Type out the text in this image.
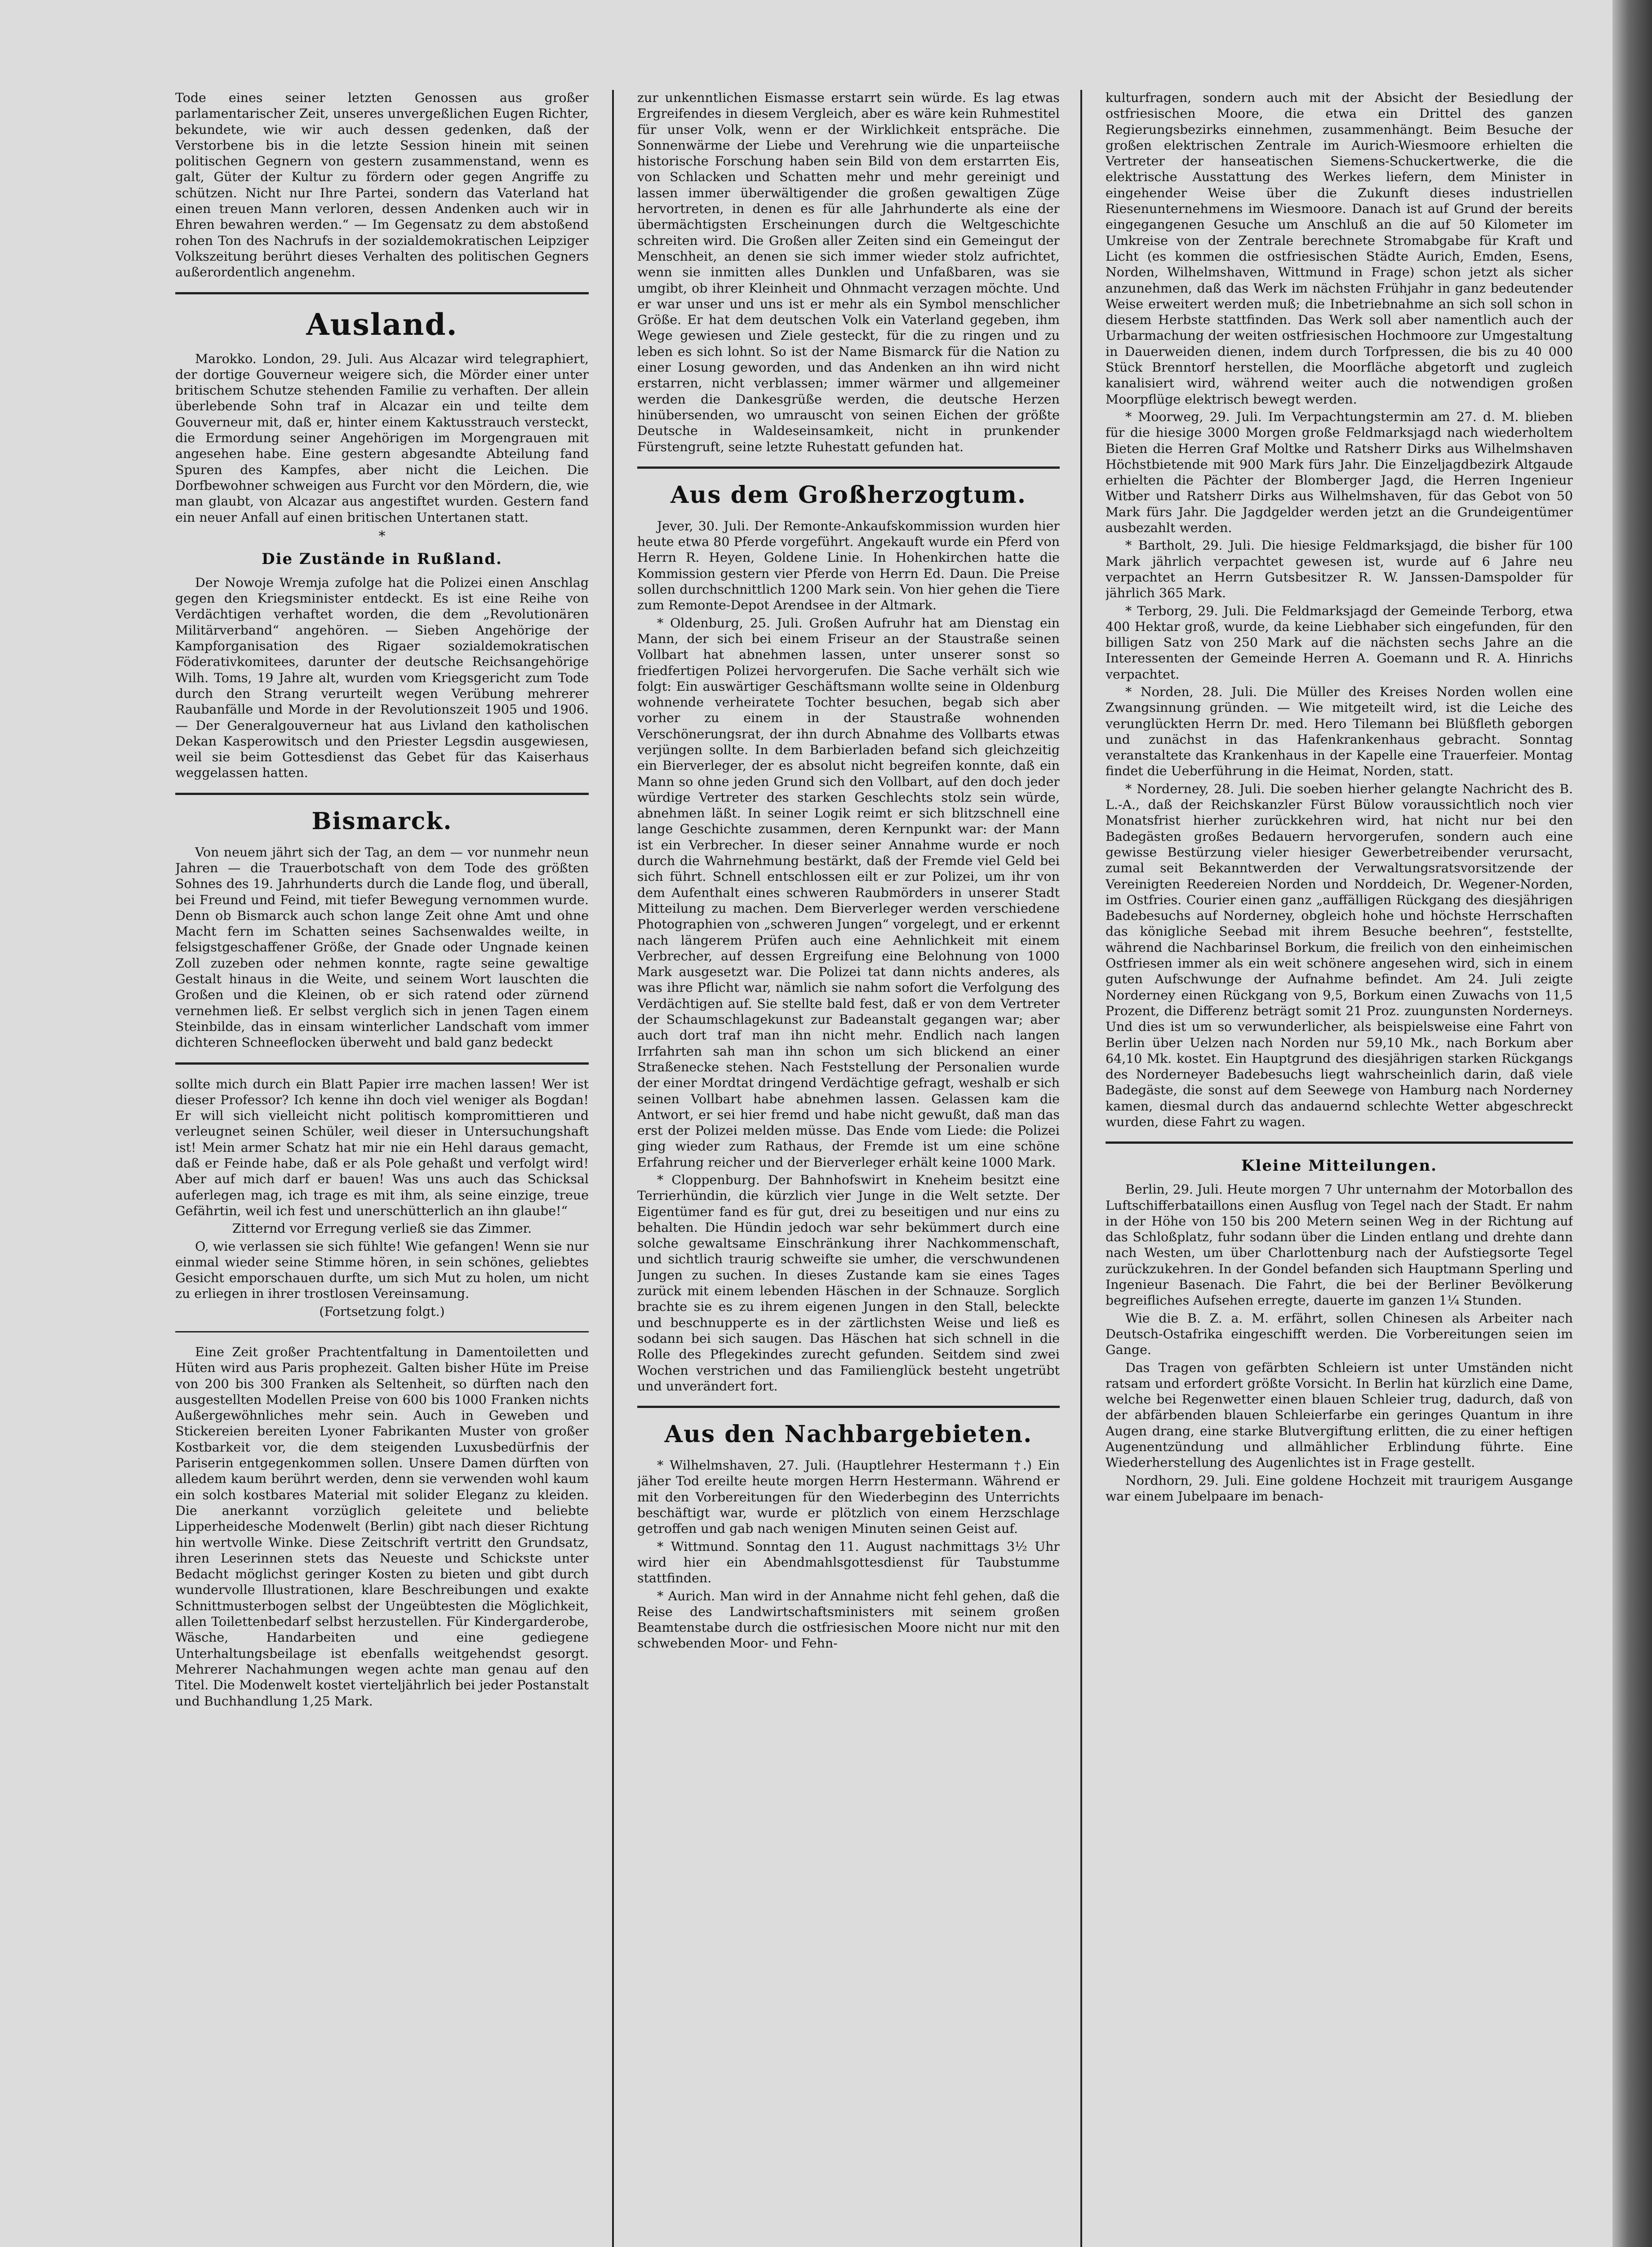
Tode eines seiner letzten Genossen aus großer parlamentarischer Zeit, unseres unvergeßlichen Eugen Richter, bekundete, wie wir auch dessen gedenken, daß der Verstorbene bis in die letzte Session hinein mit seinen politischen Gegnern von gestern zusammenstand, wenn es galt, Güter der Kultur zu fördern oder gegen Angriffe zu schützen. Nicht nur Ihre Partei, sondern das Vaterland hat einen treuen Mann verloren, dessen Andenken auch wir in Ehren bewahren werden.“ — Im Gegensatz zu dem abstoßend rohen Ton des Nachrufs in der sozialdemokratischen Leipziger Volkszeitung berührt dieses Verhalten des politischen Gegners außerordentlich angenehm.

Ausland.

Marokko. London, 29. Juli. Aus Alcazar wird telegraphiert, der dortige Gouverneur weigere sich, die Mörder einer unter britischem Schutze stehenden Familie zu verhaften. Der allein überlebende Sohn traf in Alcazar ein und teilte dem Gouverneur mit, daß er, hinter einem Kaktusstrauch versteckt, die Ermordung seiner Angehörigen im Morgengrauen mit angesehen habe. Eine gestern abgesandte Abteilung fand Spuren des Kampfes, aber nicht die Leichen. Die Dorfbewohner schweigen aus Furcht vor den Mördern, die, wie man glaubt, von Alcazar aus angestiftet wurden. Gestern fand ein neuer Anfall auf einen britischen Untertanen statt.

*
Die Zustände in Rußland.

Der Nowoje Wremja zufolge hat die Polizei einen Anschlag gegen den Kriegsminister entdeckt. Es ist eine Reihe von Verdächtigen verhaftet worden, die dem „Revolutionären Militärverband“ angehören. — Sieben Angehörige der Kampforganisation des Rigaer sozialdemokratischen Föderativkomitees, darunter der deutsche Reichsangehörige Wilh. Toms, 19 Jahre alt, wurden vom Kriegsgericht zum Tode durch den Strang verurteilt wegen Verübung mehrerer Raubanfälle und Morde in der Revolutionszeit 1905 und 1906. — Der Generalgouverneur hat aus Livland den katholischen Dekan Kasperowitsch und den Priester Legsdin ausgewiesen, weil sie beim Gottesdienst das Gebet für das Kaiserhaus weggelassen hatten.

Bismarck.

Von neuem jährt sich der Tag, an dem — vor nunmehr neun Jahren — die Trauerbotschaft von dem Tode des größten Sohnes des 19. Jahrhunderts durch die Lande flog, und überall, bei Freund und Feind, mit tiefer Bewegung vernommen wurde. Denn ob Bismarck auch schon lange Zeit ohne Amt und ohne Macht fern im Schatten seines Sachsenwaldes weilte, in felsigstgeschaffener Größe, der Gnade oder Ungnade keinen Zoll zuzeben oder nehmen konnte, ragte seine gewaltige Gestalt hinaus in die Weite, und seinem Wort lauschten die Großen und die Kleinen, ob er sich ratend oder zürnend vernehmen ließ. Er selbst verglich sich in jenen Tagen einem Steinbilde, das in einsam winterlicher Landschaft vom immer dichteren Schneeflocken überweht und bald ganz bedeckt

sollte mich durch ein Blatt Papier irre machen lassen! Wer ist dieser Professor? Ich kenne ihn doch viel weniger als Bogdan! Er will sich vielleicht nicht politisch kompromittieren und verleugnet seinen Schüler, weil dieser in Untersuchungshaft ist! Mein armer Schatz hat mir nie ein Hehl daraus gemacht, daß er Feinde habe, daß er als Pole gehaßt und verfolgt wird! Aber auf mich darf er bauen! Was uns auch das Schicksal auferlegen mag, ich trage es mit ihm, als seine einzige, treue Gefährtin, weil ich fest und unerschütterlich an ihn glaube!“

Zitternd vor Erregung verließ sie das Zimmer.

O, wie verlassen sie sich fühlte! Wie gefangen! Wenn sie nur einmal wieder seine Stimme hören, in sein schönes, geliebtes Gesicht emporschauen durfte, um sich Mut zu holen, um nicht zu erliegen in ihrer trostlosen Vereinsamung.

(Fortsetzung folgt.)

Eine Zeit großer Prachtentfaltung in Damentoiletten und Hüten wird aus Paris prophezeit. Galten bisher Hüte im Preise von 200 bis 300 Franken als Seltenheit, so dürften nach den ausgestellten Modellen Preise von 600 bis 1000 Franken nichts Außergewöhnliches mehr sein. Auch in Geweben und Stickereien bereiten Lyoner Fabrikanten Muster von großer Kostbarkeit vor, die dem steigenden Luxusbedürfnis der Pariserin entgegenkommen sollen. Unsere Damen dürften von alledem kaum berührt werden, denn sie verwenden wohl kaum ein solch kostbares Material mit solider Eleganz zu kleiden. Die anerkannt vorzüglich geleitete und beliebte Lipperheidesche Modenwelt (Berlin) gibt nach dieser Richtung hin wertvolle Winke. Diese Zeitschrift vertritt den Grundsatz, ihren Leserinnen stets das Neueste und Schickste unter Bedacht möglichst geringer Kosten zu bieten und gibt durch wundervolle Illustrationen, klare Beschreibungen und exakte Schnittmusterbogen selbst der Ungeübtesten die Möglichkeit, allen Toilettenbedarf selbst herzustellen. Für Kindergarderobe, Wäsche, Handarbeiten und eine gediegene Unterhaltungsbeilage ist ebenfalls weitgehendst gesorgt. Mehrerer Nachahmungen wegen achte man genau auf den Titel. Die Modenwelt kostet vierteljährlich bei jeder Postanstalt und Buchhandlung 1,25 Mark.

zur unkenntlichen Eismasse erstarrt sein würde. Es lag etwas Ergreifendes in diesem Vergleich, aber es wäre kein Ruhmestitel für unser Volk, wenn er der Wirklichkeit entspräche. Die Sonnenwärme der Liebe und Verehrung wie die unparteiische historische Forschung haben sein Bild von dem erstarrten Eis, von Schlacken und Schatten mehr und mehr gereinigt und lassen immer überwältigender die großen gewaltigen Züge hervortreten, in denen es für alle Jahrhunderte als eine der übermächtigsten Erscheinungen durch die Weltgeschichte schreiten wird. Die Großen aller Zeiten sind ein Gemeingut der Menschheit, an denen sie sich immer wieder stolz aufrichtet, wenn sie inmitten alles Dunklen und Unfaßbaren, was sie umgibt, ob ihrer Kleinheit und Ohnmacht verzagen möchte. Und er war unser und uns ist er mehr als ein Symbol menschlicher Größe. Er hat dem deutschen Volk ein Vaterland gegeben, ihm Wege gewiesen und Ziele gesteckt, für die zu ringen und zu leben es sich lohnt. So ist der Name Bismarck für die Nation zu einer Losung geworden, und das Andenken an ihn wird nicht erstarren, nicht verblassen; immer wärmer und allgemeiner werden die Dankesgrüße werden, die deutsche Herzen hinübersenden, wo umrauscht von seinen Eichen der größte Deutsche in Waldeseinsamkeit, nicht in prunkender Fürstengruft, seine letzte Ruhestatt gefunden hat.

Aus dem Großherzogtum.

Jever, 30. Juli. Der Remonte-Ankaufskommission wurden hier heute etwa 80 Pferde vorgeführt. Angekauft wurde ein Pferd von Herrn R. Heyen, Goldene Linie. In Hohenkirchen hatte die Kommission gestern vier Pferde von Herrn Ed. Daun. Die Preise sollen durchschnittlich 1200 Mark sein. Von hier gehen die Tiere zum Remonte-Depot Arendsee in der Altmark.

* Oldenburg, 25. Juli. Großen Aufruhr hat am Dienstag ein Mann, der sich bei einem Friseur an der Staustraße seinen Vollbart hat abnehmen lassen, unter unserer sonst so friedfertigen Polizei hervorgerufen. Die Sache verhält sich wie folgt: Ein auswärtiger Geschäftsmann wollte seine in Oldenburg wohnende verheiratete Tochter besuchen, begab sich aber vorher zu einem in der Staustraße wohnenden Verschönerungsrat, der ihn durch Abnahme des Vollbarts etwas verjüngen sollte. In dem Barbierladen befand sich gleichzeitig ein Bierverleger, der es absolut nicht begreifen konnte, daß ein Mann so ohne jeden Grund sich den Vollbart, auf den doch jeder würdige Vertreter des starken Geschlechts stolz sein würde, abnehmen läßt. In seiner Logik reimt er sich blitzschnell eine lange Geschichte zusammen, deren Kernpunkt war: der Mann ist ein Verbrecher. In dieser seiner Annahme wurde er noch durch die Wahrnehmung bestärkt, daß der Fremde viel Geld bei sich führt. Schnell entschlossen eilt er zur Polizei, um ihr von dem Aufenthalt eines schweren Raubmörders in unserer Stadt Mitteilung zu machen. Dem Bierverleger werden verschiedene Photographien von „schweren Jungen“ vorgelegt, und er erkennt nach längerem Prüfen auch eine Aehnlichkeit mit einem Verbrecher, auf dessen Ergreifung eine Belohnung von 1000 Mark ausgesetzt war. Die Polizei tat dann nichts anderes, als was ihre Pflicht war, nämlich sie nahm sofort die Verfolgung des Verdächtigen auf. Sie stellte bald fest, daß er von dem Vertreter der Schaumschlagekunst zur Badeanstalt gegangen war; aber auch dort traf man ihn nicht mehr. Endlich nach langen Irrfahrten sah man ihn schon um sich blickend an einer Straßenecke stehen. Nach Feststellung der Personalien wurde der einer Mordtat dringend Verdächtige gefragt, weshalb er sich seinen Vollbart habe abnehmen lassen. Gelassen kam die Antwort, er sei hier fremd und habe nicht gewußt, daß man das erst der Polizei melden müsse. Das Ende vom Liede: die Polizei ging wieder zum Rathaus, der Fremde ist um eine schöne Erfahrung reicher und der Bierverleger erhält keine 1000 Mark.

* Cloppenburg. Der Bahnhofswirt in Kneheim besitzt eine Terrierhündin, die kürzlich vier Junge in die Welt setzte. Der Eigentümer fand es für gut, drei zu beseitigen und nur eins zu behalten. Die Hündin jedoch war sehr bekümmert durch eine solche gewaltsame Einschränkung ihrer Nachkommenschaft, und sichtlich traurig schweifte sie umher, die verschwundenen Jungen zu suchen. In dieses Zustande kam sie eines Tages zurück mit einem lebenden Häschen in der Schnauze. Sorglich brachte sie es zu ihrem eigenen Jungen in den Stall, beleckte und beschnupperte es in der zärtlichsten Weise und ließ es sodann bei sich saugen. Das Häschen hat sich schnell in die Rolle des Pflegekindes zurecht gefunden. Seitdem sind zwei Wochen verstrichen und das Familienglück besteht ungetrübt und unverändert fort.

Aus den Nachbargebieten.

* Wilhelmshaven, 27. Juli. (Hauptlehrer Hestermann †.) Ein jäher Tod ereilte heute morgen Herrn Hestermann. Während er mit den Vorbereitungen für den Wiederbeginn des Unterrichts beschäftigt war, wurde er plötzlich von einem Herzschlage getroffen und gab nach wenigen Minuten seinen Geist auf.

* Wittmund. Sonntag den 11. August nachmittags 3½ Uhr wird hier ein Abendmahlsgottesdienst für Taubstumme stattfinden.

* Aurich. Man wird in der Annahme nicht fehl gehen, daß die Reise des Landwirtschaftsministers mit seinem großen Beamtenstabe durch die ostfriesischen Moore nicht nur mit den schwebenden Moor- und Fehn-

kulturfragen, sondern auch mit der Absicht der Besiedlung der ostfriesischen Moore, die etwa ein Drittel des ganzen Regierungsbezirks einnehmen, zusammenhängt. Beim Besuche der großen elektrischen Zentrale im Aurich-Wiesmoore erhielten die Vertreter der hanseatischen Siemens-Schuckertwerke, die die elektrische Ausstattung des Werkes liefern, dem Minister in eingehender Weise über die Zukunft dieses industriellen Riesenunternehmens im Wiesmoore. Danach ist auf Grund der bereits eingegangenen Gesuche um Anschluß an die auf 50 Kilometer im Umkreise von der Zentrale berechnete Stromabgabe für Kraft und Licht (es kommen die ostfriesischen Städte Aurich, Emden, Esens, Norden, Wilhelmshaven, Wittmund in Frage) schon jetzt als sicher anzunehmen, daß das Werk im nächsten Frühjahr in ganz bedeutender Weise erweitert werden muß; die Inbetriebnahme an sich soll schon in diesem Herbste stattfinden. Das Werk soll aber namentlich auch der Urbarmachung der weiten ostfriesischen Hochmoore zur Umgestaltung in Dauerweiden dienen, indem durch Torfpressen, die bis zu 40 000 Stück Brenntorf herstellen, die Moorfläche abgetorft und zugleich kanalisiert wird, während weiter auch die notwendigen großen Moorpflüge elektrisch bewegt werden.

* Moorweg, 29. Juli. Im Verpachtungstermin am 27. d. M. blieben für die hiesige 3000 Morgen große Feldmarksjagd nach wiederholtem Bieten die Herren Graf Moltke und Ratsherr Dirks aus Wilhelmshaven Höchstbietende mit 900 Mark fürs Jahr. Die Einzeljagdbezirk Altgaude erhielten die Pächter der Blomberger Jagd, die Herren Ingenieur Witber und Ratsherr Dirks aus Wilhelmshaven, für das Gebot von 50 Mark fürs Jahr. Die Jagdgelder werden jetzt an die Grundeigentümer ausbezahlt werden.

* Bartholt, 29. Juli. Die hiesige Feldmarksjagd, die bisher für 100 Mark jährlich verpachtet gewesen ist, wurde auf 6 Jahre neu verpachtet an Herrn Gutsbesitzer R. W. Janssen-Damspolder für jährlich 365 Mark.

* Terborg, 29. Juli. Die Feldmarksjagd der Gemeinde Terborg, etwa 400 Hektar groß, wurde, da keine Liebhaber sich eingefunden, für den billigen Satz von 250 Mark auf die nächsten sechs Jahre an die Interessenten der Gemeinde Herren A. Goemann und R. A. Hinrichs verpachtet.

* Norden, 28. Juli. Die Müller des Kreises Norden wollen eine Zwangsinnung gründen. — Wie mitgeteilt wird, ist die Leiche des verunglückten Herrn Dr. med. Hero Tilemann bei Blüßfleth geborgen und zunächst in das Hafenkrankenhaus gebracht. Sonntag veranstaltete das Krankenhaus in der Kapelle eine Trauerfeier. Montag findet die Ueberführung in die Heimat, Norden, statt.

* Norderney, 28. Juli. Die soeben hierher gelangte Nachricht des B. L.-A., daß der Reichskanzler Fürst Bülow voraussichtlich noch vier Monatsfrist hierher zurückkehren wird, hat nicht nur bei den Badegästen großes Bedauern hervorgerufen, sondern auch eine gewisse Bestürzung vieler hiesiger Gewerbetreibender verursacht, zumal seit Bekanntwerden der Verwaltungsratsvorsitzende der Vereinigten Reedereien Norden und Norddeich, Dr. Wegener-Norden, im Ostfries. Courier einen ganz „auffälligen Rückgang des diesjährigen Badebesuchs auf Norderney, obgleich hohe und höchste Herrschaften das königliche Seebad mit ihrem Besuche beehren“, feststellte, während die Nachbarinsel Borkum, die freilich von den einheimischen Ostfriesen immer als ein weit schönere angesehen wird, sich in einem guten Aufschwunge der Aufnahme befindet. Am 24. Juli zeigte Norderney einen Rückgang von 9,5, Borkum einen Zuwachs von 11,5 Prozent, die Differenz beträgt somit 21 Proz. zuungunsten Norderneys. Und dies ist um so verwunderlicher, als beispielsweise eine Fahrt von Berlin über Uelzen nach Norden nur 59,10 Mk., nach Borkum aber 64,10 Mk. kostet. Ein Hauptgrund des diesjährigen starken Rückgangs des Norderneyer Badebesuchs liegt wahrscheinlich darin, daß viele Badegäste, die sonst auf dem Seewege von Hamburg nach Norderney kamen, diesmal durch das andauernd schlechte Wetter abgeschreckt wurden, diese Fahrt zu wagen.

Kleine Mitteilungen.

Berlin, 29. Juli. Heute morgen 7 Uhr unternahm der Motorballon des Luftschifferbataillons einen Ausflug von Tegel nach der Stadt. Er nahm in der Höhe von 150 bis 200 Metern seinen Weg in der Richtung auf das Schloßplatz, fuhr sodann über die Linden entlang und drehte dann nach Westen, um über Charlottenburg nach der Aufstiegsorte Tegel zurückzukehren. In der Gondel befanden sich Hauptmann Sperling und Ingenieur Basenach. Die Fahrt, die bei der Berliner Bevölkerung begreifliches Aufsehen erregte, dauerte im ganzen 1¼ Stunden.

Wie die B. Z. a. M. erfährt, sollen Chinesen als Arbeiter nach Deutsch-Ostafrika eingeschifft werden. Die Vorbereitungen seien im Gange.

Das Tragen von gefärbten Schleiern ist unter Umständen nicht ratsam und erfordert größte Vorsicht. In Berlin hat kürzlich eine Dame, welche bei Regenwetter einen blauen Schleier trug, dadurch, daß von der abfärbenden blauen Schleierfarbe ein geringes Quantum in ihre Augen drang, eine starke Blutvergiftung erlitten, die zu einer heftigen Augenentzündung und allmählicher Erblindung führte. Eine Wiederherstellung des Augenlichtes ist in Frage gestellt.

Nordhorn, 29. Juli. Eine goldene Hochzeit mit traurigem Ausgange war einem Jubelpaare im benach-
